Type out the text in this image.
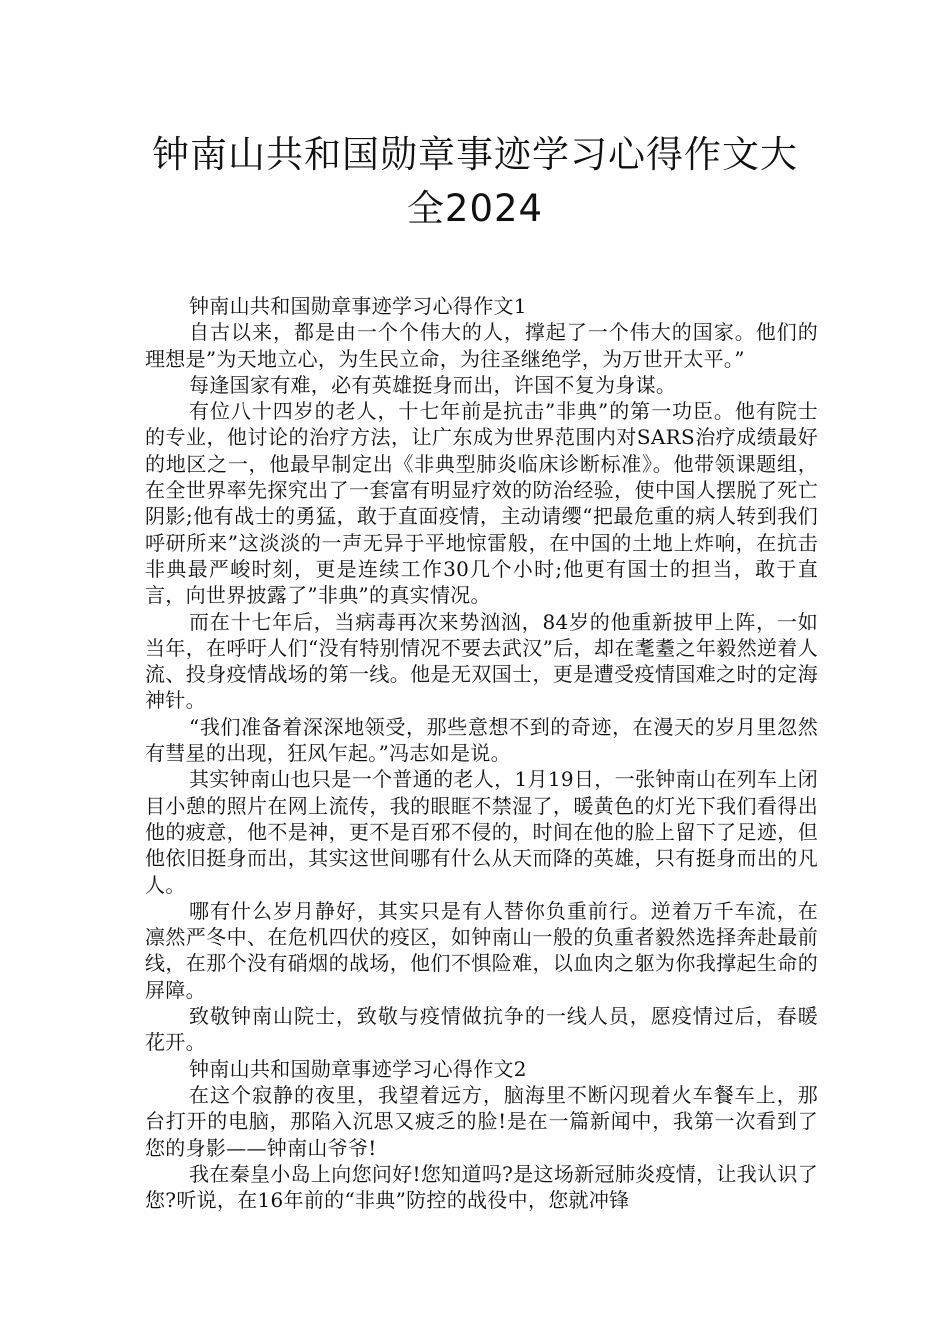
钟南山共和国勋章事迹学习心得作文大
全2024

钟南山共和国勋章事迹学习心得作文1

自古以来，都是由一个个伟大的人，撑起了一个伟大的国家。他们的理想是”为天地立心，为生民立命，为往圣继绝学，为万世开太平。”

每逢国家有难，必有英雄挺身而出，许国不复为身谋。

有位八十四岁的老人，十七年前是抗击”非典”的第一功臣。他有院士的专业，他讨论的治疗方法，让广东成为世界范围内对SARS治疗成绩最好的地区之一，他最早制定出《非典型肺炎临床诊断标准》。他带领课题组，在全世界率先探究出了一套富有明显疗效的防治经验，使中国人摆脱了死亡阴影;他有战士的勇猛，敢于直面疫情，主动请缨“把最危重的病人转到我们呼研所来”这淡淡的一声无异于平地惊雷般，在中国的土地上炸响，在抗击非典最严峻时刻，更是连续工作30几个小时;他更有国士的担当，敢于直言，向世界披露了”非典”的真实情况。

而在十七年后，当病毒再次来势汹汹，84岁的他重新披甲上阵，一如当年，在呼吁人们“没有特别情况不要去武汉”后，却在耄耋之年毅然逆着人流、投身疫情战场的第一线。他是无双国士，更是遭受疫情国难之时的定海神针。

“我们准备着深深地领受，那些意想不到的奇迹，在漫天的岁月里忽然有彗星的出现，狂风乍起。”冯志如是说。

其实钟南山也只是一个普通的老人，1月19日，一张钟南山在列车上闭目小憩的照片在网上流传，我的眼眶不禁湿了，暖黄色的灯光下我们看得出他的疲意，他不是神，更不是百邪不侵的，时间在他的脸上留下了足迹，但他依旧挺身而出，其实这世间哪有什么从天而降的英雄，只有挺身而出的凡人。

哪有什么岁月静好，其实只是有人替你负重前行。逆着万千车流，在凛然严冬中、在危机四伏的疫区，如钟南山一般的负重者毅然选择奔赴最前线，在那个没有硝烟的战场，他们不惧险难，以血肉之躯为你我撑起生命的屏障。

致敬钟南山院士，致敬与疫情做抗争的一线人员，愿疫情过后，春暖花开。

钟南山共和国勋章事迹学习心得作文2

在这个寂静的夜里，我望着远方，脑海里不断闪现着火车餐车上，那台打开的电脑，那陷入沉思又疲乏的脸!是在一篇新闻中，我第一次看到了您的身影——钟南山爷爷!

我在秦皇小岛上向您问好!您知道吗?是这场新冠肺炎疫情，让我认识了您?听说，在16年前的“非典”防控的战役中，您就冲锋
